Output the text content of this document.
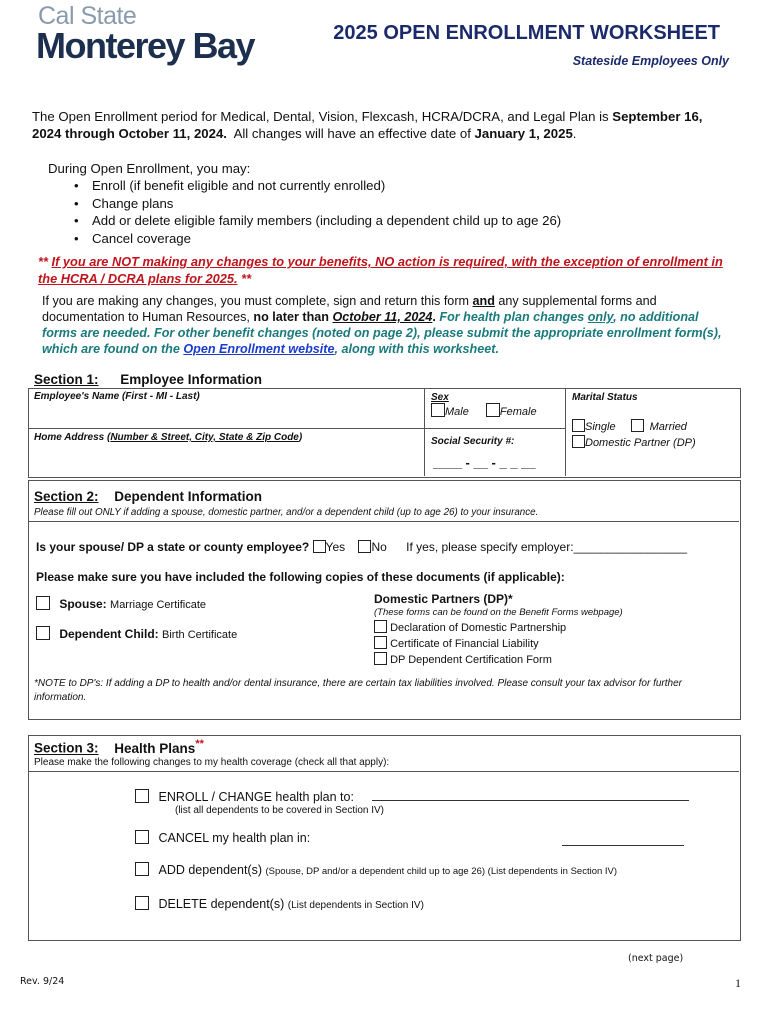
Cal State
Monterey Bay	2025 OPEN ENROLLMENT WORKSHEET
Stateside Employees Only
The Open Enrollment period for Medical, Dental, Vision, Flexcash, HCRA/DCRA, and Legal Plan is September 16, 2024 through October 11, 2024. All changes will have an effective date of January 1, 2025.
During Open Enrollment, you may:
• Enroll (if benefit eligible and not currently enrolled)
• Change plans
• Add or delete eligible family members (including a dependent child up to age 26)
• Cancel coverage
** If you are NOT making any changes to your benefits, NO action is required, with the exception of enrollment in the HCRA / DCRA plans for 2025. **
If you are making any changes, you must complete, sign and return this form and any supplemental forms and documentation to Human Resources, no later than October 11, 2024. For health plan changes only, no additional forms are needed. For other benefit changes (noted on page 2), please submit the appropriate enrollment form(s), which are found on the Open Enrollment website, along with this worksheet.
Section 1: Employee Information
Employee's Name (First - MI - Last)	Sex
Male	Female
Marital Status
Single	Married
Domestic Partner (DP)
Home Address (Number & Street, City, State & Zip Code)	Social Security #:
____ - __ - _ _ __
Section 2: Dependent Information
Please fill out ONLY if adding a spouse, domestic partner, and/or a dependent child (up to age 26) to your insurance.
Is your spouse/ DP a state or county employee? Yes No If yes, please specify employer:_________________
Please make sure you have included the following copies of these documents (if applicable):
Spouse: Marriage Certificate
Dependent Child: Birth Certificate
Domestic Partners (DP)*
(These forms can be found on the Benefit Forms webpage)
Declaration of Domestic Partnership
Certificate of Financial Liability
DP Dependent Certification Form
*NOTE to DP's: If adding a DP to health and/or dental insurance, there are certain tax liabilities involved. Please consult your tax advisor for further information.
Section 3: Health Plans**
Please make the following changes to my health coverage (check all that apply):
ENROLL / CHANGE health plan to:
(list all dependents to be covered in Section IV)
CANCEL my health plan in:
ADD dependent(s) (Spouse, DP and/or a dependent child up to age 26) (List dependents in Section IV)
DELETE dependent(s) (List dependents in Section IV)
(next page)
Rev. 9/24	1
